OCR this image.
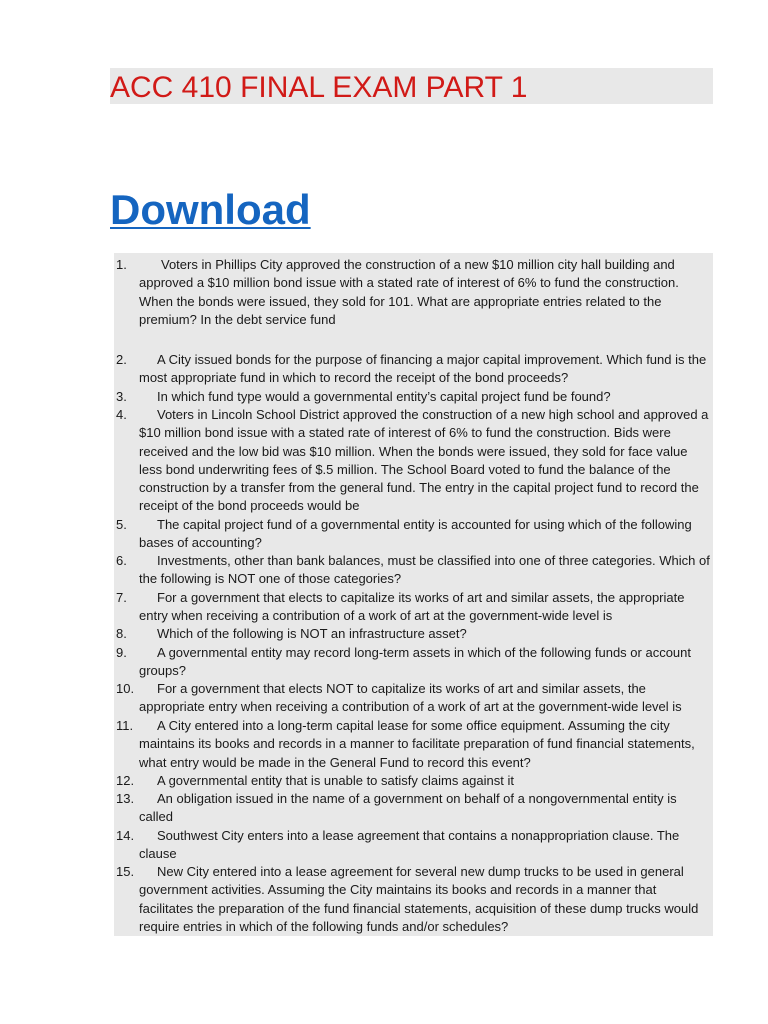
ACC 410 FINAL EXAM PART 1
Download
1.	Voters in Phillips City approved the construction of a new $10 million city hall building and approved a $10 million bond issue with a stated rate of interest of 6% to fund the construction. When the bonds were issued, they sold for 101. What are appropriate entries related to the premium? In the debt service fund
2.	A City issued bonds for the purpose of financing a major capital improvement. Which fund is the most appropriate fund in which to record the receipt of the bond proceeds?
3.	In which fund type would a governmental entity’s capital project fund be found?
4.	Voters in Lincoln School District approved the construction of a new high school and approved a $10 million bond issue with a stated rate of interest of 6% to fund the construction. Bids were received and the low bid was $10 million. When the bonds were issued, they sold for face value less bond underwriting fees of $.5 million. The School Board voted to fund the balance of the construction by a transfer from the general fund. The entry in the capital project fund to record the receipt of the bond proceeds would be
5.	The capital project fund of a governmental entity is accounted for using which of the following bases of accounting?
6.	Investments, other than bank balances, must be classified into one of three categories. Which of the following is NOT one of those categories?
7.	For a government that elects to capitalize its works of art and similar assets, the appropriate entry when receiving a contribution of a work of art at the government-wide level is
8.	Which of the following is NOT an infrastructure asset?
9.	A governmental entity may record long-term assets in which of the following funds or account groups?
10.	For a government that elects NOT to capitalize its works of art and similar assets, the appropriate entry when receiving a contribution of a work of art at the government-wide level is
11.	A City entered into a long-term capital lease for some office equipment. Assuming the city maintains its books and records in a manner to facilitate preparation of fund financial statements, what entry would be made in the General Fund to record this event?
12.	A governmental entity that is unable to satisfy claims against it
13.	An obligation issued in the name of a government on behalf of a nongovernmental entity is called
14.	Southwest City enters into a lease agreement that contains a nonappropriation clause. The clause
15.	New City entered into a lease agreement for several new dump trucks to be used in general government activities. Assuming the City maintains its books and records in a manner that facilitates the preparation of the fund financial statements, acquisition of these dump trucks would require entries in which of the following funds and/or schedules?
